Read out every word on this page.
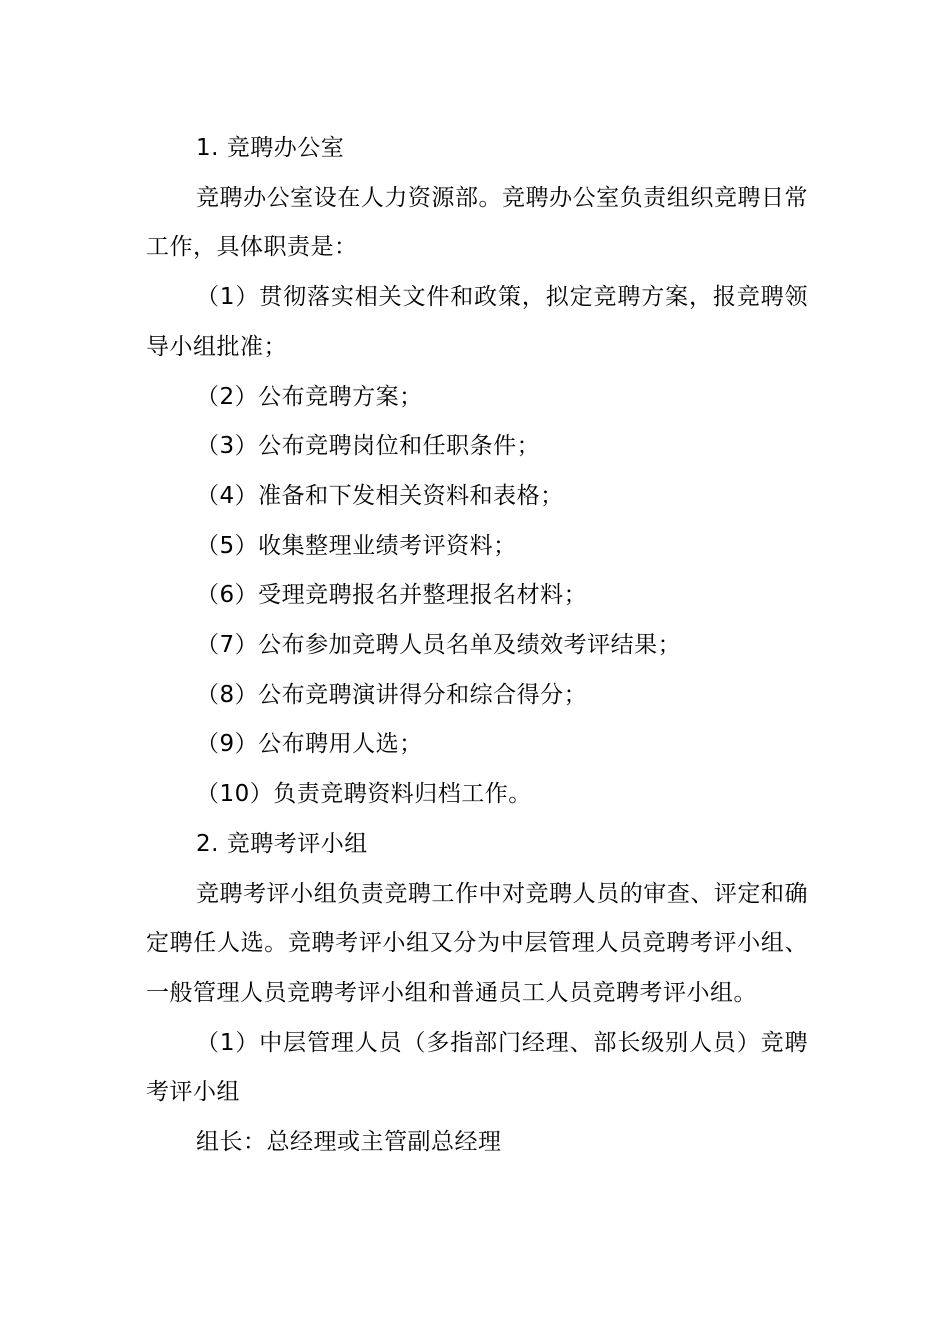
1. 竞聘办公室

竞聘办公室设在人力资源部。竞聘办公室负责组织竞聘日常工作，具体职责是：

（1）贯彻落实相关文件和政策，拟定竞聘方案，报竞聘领导小组批准；

（2）公布竞聘方案；

（3）公布竞聘岗位和任职条件；

（4）准备和下发相关资料和表格；

（5）收集整理业绩考评资料；

（6）受理竞聘报名并整理报名材料；

（7）公布参加竞聘人员名单及绩效考评结果；

（8）公布竞聘演讲得分和综合得分；

（9）公布聘用人选；

（10）负责竞聘资料归档工作。

2. 竞聘考评小组

竞聘考评小组负责竞聘工作中对竞聘人员的审查、评定和确定聘任人选。竞聘考评小组又分为中层管理人员竞聘考评小组、一般管理人员竞聘考评小组和普通员工人员竞聘考评小组。

（1）中层管理人员（多指部门经理、部长级别人员）竞聘考评小组

组长：总经理或主管副总经理
